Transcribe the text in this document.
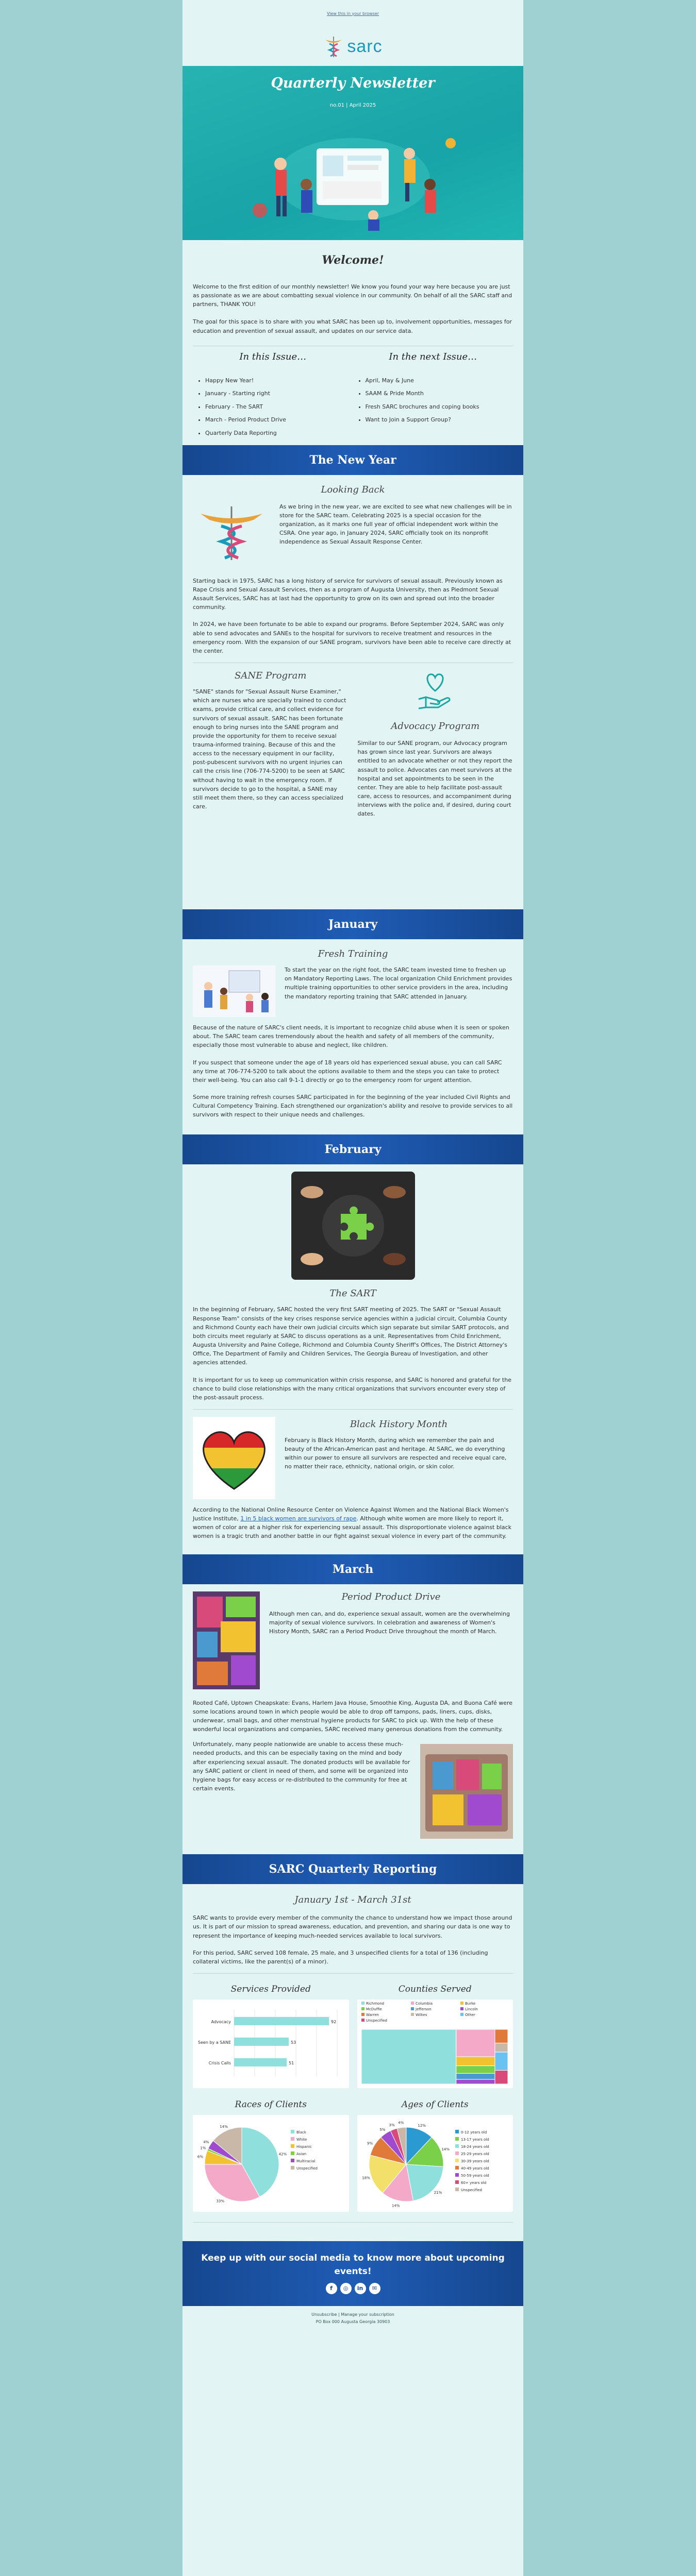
View this in your browser
sarc
Quarterly Newsletter
no.01 | April 2025
Welcome!

Welcome to the first edition of our monthly newsletter! We know you found your way here because you are just as passionate as we are about combatting sexual violence in our community. On behalf of all the SARC staff and partners, THANK YOU!

The goal for this space is to share with you what SARC has been up to, involvement opportunities, messages for education and prevention of sexual assault, and updates on our service data.

In this Issue…
• Happy New Year!
• January - Starting right
• February - The SART
• March - Period Product Drive
• Quarterly Data Reporting
In the next Issue…
• April, May & June
• SAAM & Pride Month
• Fresh SARC brochures and coping books
• Want to Join a Support Group?
The New Year
Looking Back

As we bring in the new year, we are excited to see what new challenges will be in store for the SARC team. Celebrating 2025 is a special occasion for the organization, as it marks one full year of official independent work within the CSRA. One year ago, in January 2024, SARC officially took on its nonprofit independence as Sexual Assault Response Center.

Starting back in 1975, SARC has a long history of service for survivors of sexual assault. Previously known as Rape Crisis and Sexual Assault Services, then as a program of Augusta University, then as Piedmont Sexual Assault Services, SARC has at last had the opportunity to grow on its own and spread out into the broader community.

In 2024, we have been fortunate to be able to expand our programs. Before September 2024, SARC was only able to send advocates and SANEs to the hospital for survivors to receive treatment and resources in the emergency room. With the expansion of our SANE program, survivors have been able to receive care directly at the center.

SANE Program

"SANE" stands for "Sexual Assault Nurse Examiner," which are nurses who are specially trained to conduct exams, provide critical care, and collect evidence for survivors of sexual assault. SARC has been fortunate enough to bring nurses into the SANE program and provide the opportunity for them to receive sexual trauma-informed training. Because of this and the access to the necessary equipment in our facility, post-pubescent survivors with no urgent injuries can call the crisis line (706-774-5200) to be seen at SARC without having to wait in the emergency room. If survivors decide to go to the hospital, a SANE may still meet them there, so they can access specialized care.

Advocacy Program

Similar to our SANE program, our Advocacy program has grown since last year. Survivors are always entitled to an advocate whether or not they report the assault to police. Advocates can meet survivors at the hospital and set appointments to be seen in the center. They are able to help facilitate post-assault care, access to resources, and accompaniment during interviews with the police and, if desired, during court dates.

January
Fresh Training

To start the year on the right foot, the SARC team invested time to freshen up on Mandatory Reporting Laws. The local organization Child Enrichment provides multiple training opportunities to other service providers in the area, including the mandatory reporting training that SARC attended in January.

Because of the nature of SARC's client needs, it is important to recognize child abuse when it is seen or spoken about. The SARC team cares tremendously about the health and safety of all members of the community, especially those most vulnerable to abuse and neglect, like children.

If you suspect that someone under the age of 18 years old has experienced sexual abuse, you can call SARC any time at 706-774-5200 to talk about the options available to them and the steps you can take to protect their well-being. You can also call 9-1-1 directly or go to the emergency room for urgent attention.

Some more training refresh courses SARC participated in for the beginning of the year included Civil Rights and Cultural Competency Training. Each strengthened our organization's ability and resolve to provide services to all survivors with respect to their unique needs and challenges.

February
The SART

In the beginning of February, SARC hosted the very first SART meeting of 2025. The SART or "Sexual Assault Response Team" consists of the key crises response service agencies within a judicial circuit, Columbia County and Richmond County each have their own judicial circuits which sign separate but similar SART protocols, and both circuits meet regularly at SARC to discuss operations as a unit. Representatives from Child Enrichment, Augusta University and Paine College, Richmond and Columbia County Sheriff's Offices, The District Attorney's Office, The Department of Family and Children Services, The Georgia Bureau of Investigation, and other agencies attended.

It is important for us to keep up communication within crisis response, and SARC is honored and grateful for the chance to build close relationships with the many critical organizations that survivors encounter every step of the post-assault process.

Black History Month

February is Black History Month, during which we remember the pain and beauty of the African-American past and heritage. At SARC, we do everything within our power to ensure all survivors are respected and receive equal care, no matter their race, ethnicity, national origin, or skin color.

According to the National Online Resource Center on Violence Against Women and the National Black Women's Justice Institute, 1 in 5 black women are survivors of rape. Although white women are more likely to report it, women of color are at a higher risk for experiencing sexual assault. This disproportionate violence against black women is a tragic truth and another battle in our fight against sexual violence in every part of the community.

March
Period Product Drive

Although men can, and do, experience sexual assault, women are the overwhelming majority of sexual violence survivors. In celebration and awareness of Women's History Month, SARC ran a Period Product Drive throughout the month of March.

Rooted Café, Uptown Cheapskate: Evans, Harlem Java House, Smoothie King, Augusta DA, and Buona Café were some locations around town in which people would be able to drop off tampons, pads, liners, cups, disks, underwear, small bags, and other menstrual hygiene products for SARC to pick up. With the help of these wonderful local organizations and companies, SARC received many generous donations from the community.

Unfortunately, many people nationwide are unable to access these much-needed products, and this can be especially taxing on the mind and body after experiencing sexual assault. The donated products will be available for any SARC patient or client in need of them, and some will be organized into hygiene bags for easy access or re-distributed to the community for free at certain events.

SARC Quarterly Reporting
January 1st - March 31st

SARC wants to provide every member of the community the chance to understand how we impact those around us. It is part of our mission to spread awareness, education, and prevention, and sharing our data is one way to represent the importance of keeping much-needed services available to local survivors.

For this period, SARC served 108 female, 25 male, and 3 unspecified clients for a total of 136 (including collateral victims, like the parent(s) of a minor).

Services Provided
Advocacy	92
Seen by a SANE	53
Crisis Calls	51
Counties Served
Richmond	Columbia	Burke
McDuffie	Jefferson	Lincoln
Warren	Wilkes	Other
Unspecified
Races of Clients
42%
33%
6%
1%
4%
14%
Black
White
Hispanic
Asian
Multiracial
Unspecified
Ages of Clients
12%
14%
21%
14%
18%
9%
5%
3%
4%
0-12 years old
13-17 years old
18-24 years old
25-29 years old
30-39 years old
40-49 years old
50-59 years old
60+ years old
Unspecified
Keep up with our social media to know more about upcoming events!
f	◎	in	✉
Unsubscribe | Manage your subscription
PO Box 000 Augusta Georgia 30903
